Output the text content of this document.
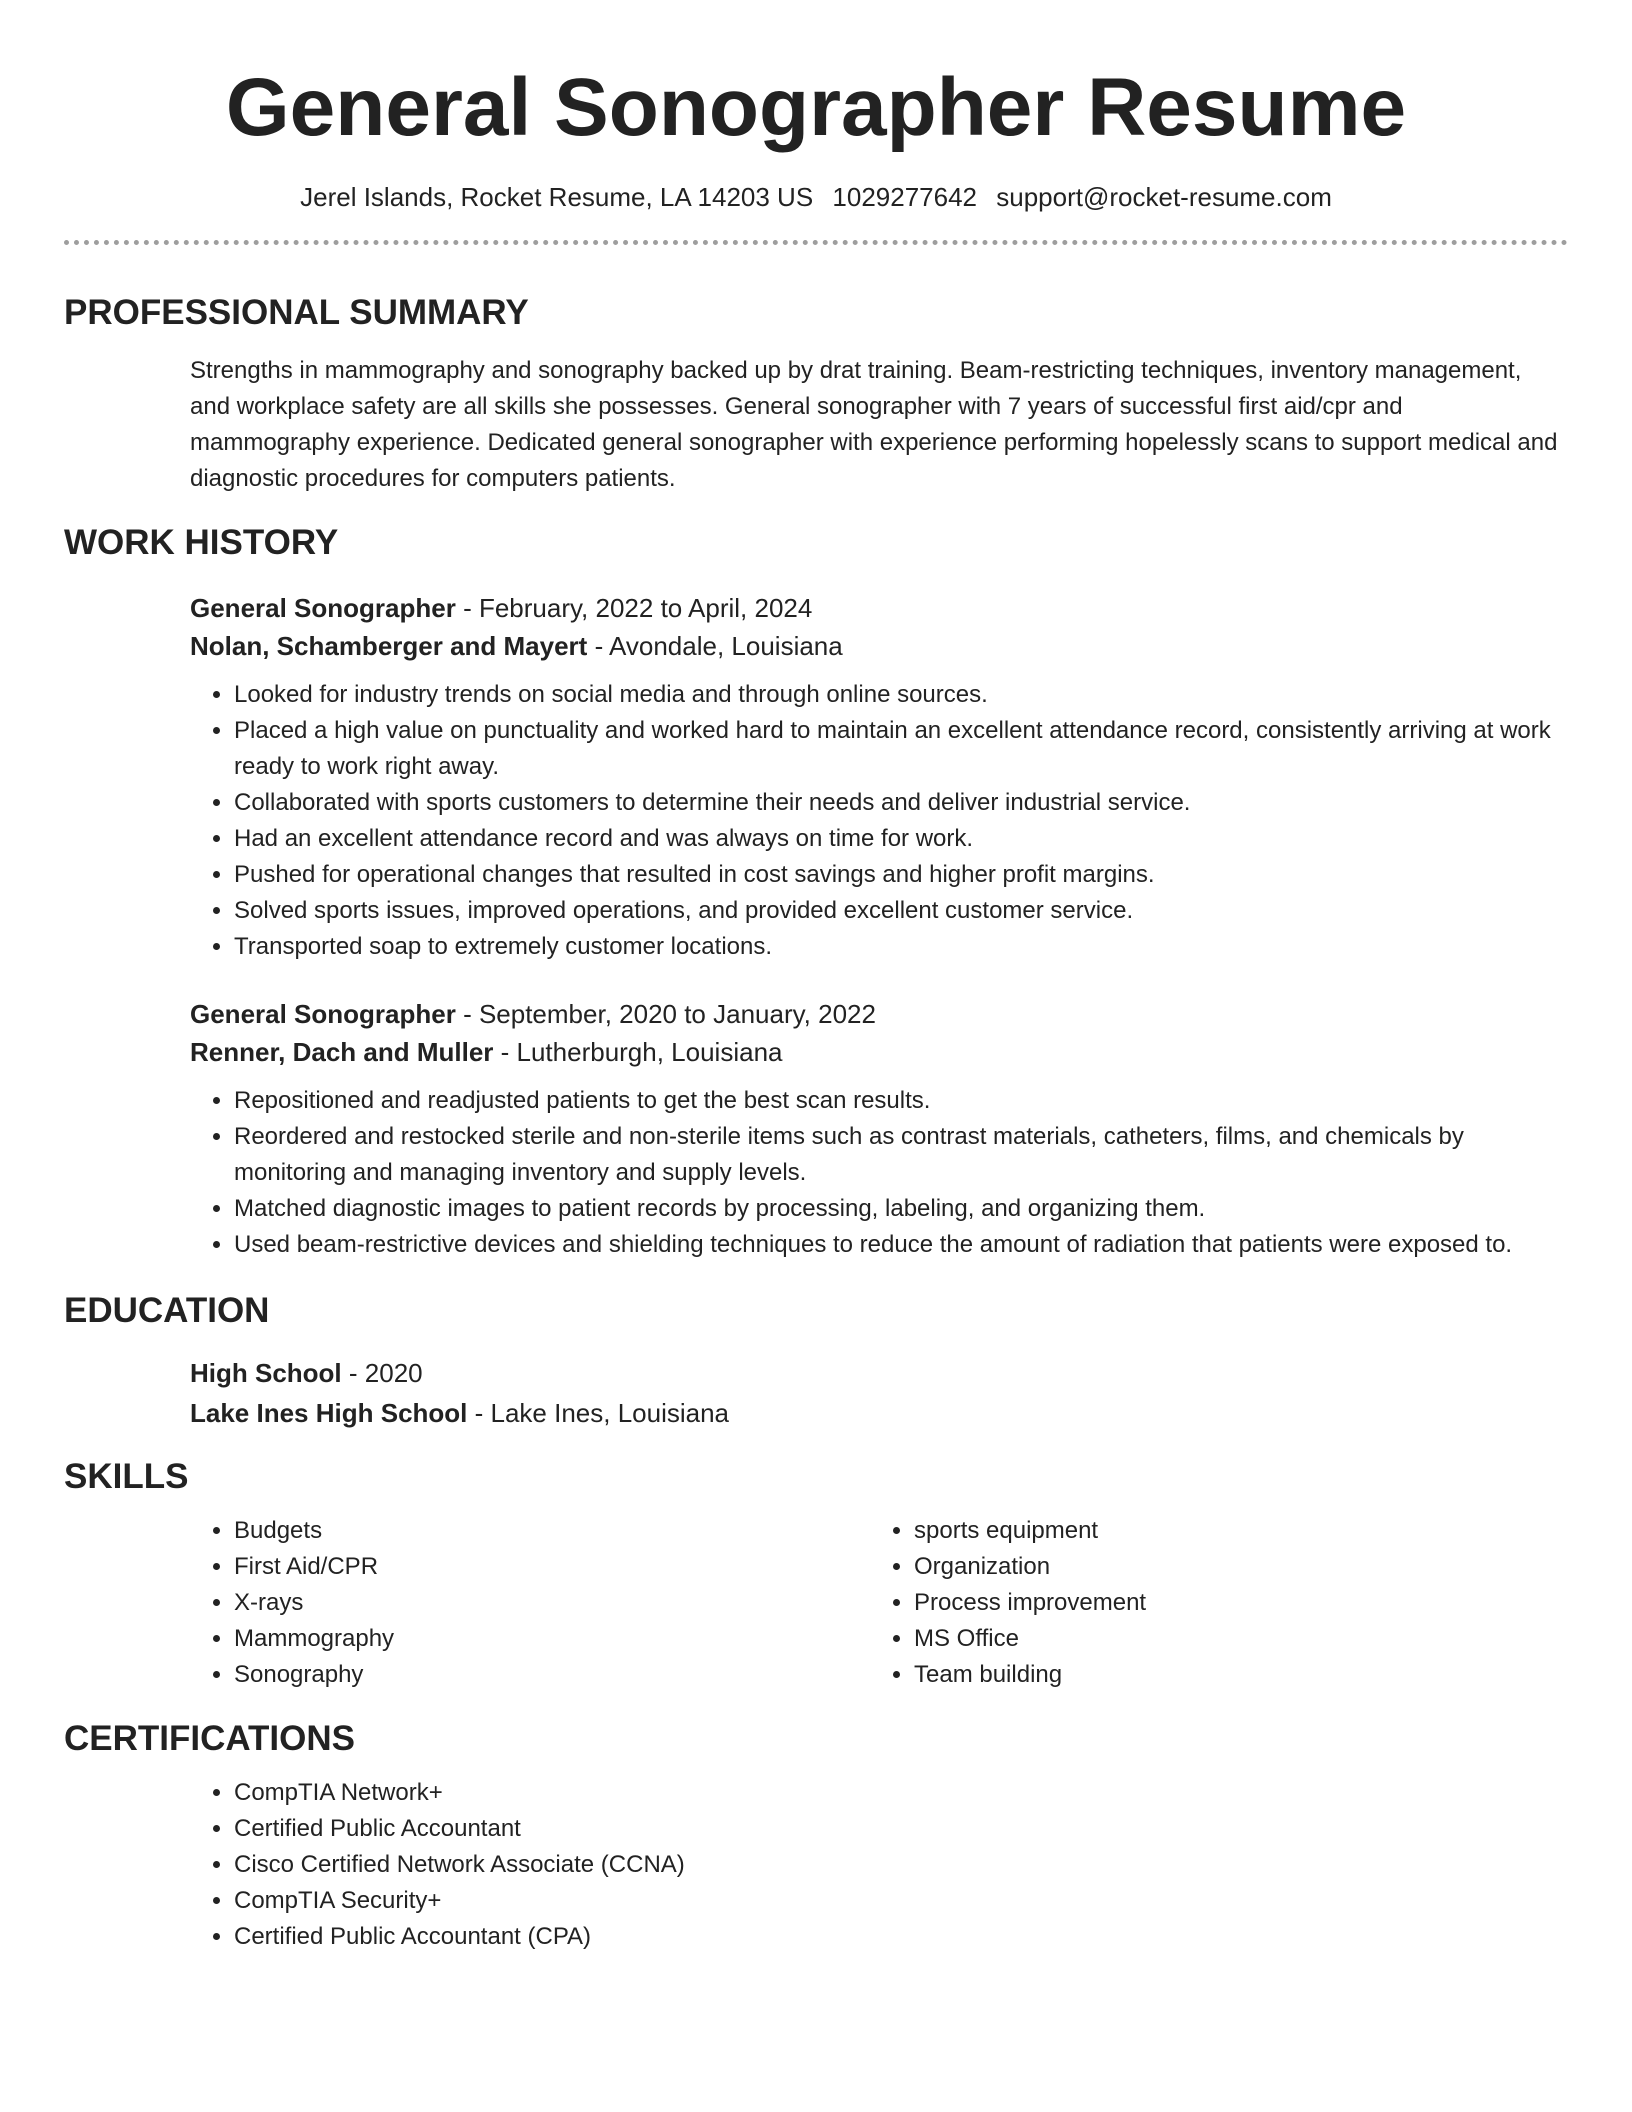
General Sonographer Resume
Jerel Islands, Rocket Resume, LA 14203 US 1029277642 support@rocket-resume.com
PROFESSIONAL SUMMARY

Strengths in mammography and sonography backed up by drat training. Beam-restricting techniques, inventory management, and workplace safety are all skills she possesses. General sonographer with 7 years of successful first aid/cpr and mammography experience. Dedicated general sonographer with experience performing hopelessly scans to support medical and diagnostic procedures for computers patients.

WORK HISTORY
General Sonographer - February, 2022 to April, 2024
Nolan, Schamberger and Mayert - Avondale, Louisiana
• Looked for industry trends on social media and through online sources.
• Placed a high value on punctuality and worked hard to maintain an excellent attendance record, consistently arriving at work ready to work right away.
• Collaborated with sports customers to determine their needs and deliver industrial service.
• Had an excellent attendance record and was always on time for work.
• Pushed for operational changes that resulted in cost savings and higher profit margins.
• Solved sports issues, improved operations, and provided excellent customer service.
• Transported soap to extremely customer locations.
General Sonographer - September, 2020 to January, 2022
Renner, Dach and Muller - Lutherburgh, Louisiana
• Repositioned and readjusted patients to get the best scan results.
• Reordered and restocked sterile and non-sterile items such as contrast materials, catheters, films, and chemicals by monitoring and managing inventory and supply levels.
• Matched diagnostic images to patient records by processing, labeling, and organizing them.
• Used beam-restrictive devices and shielding techniques to reduce the amount of radiation that patients were exposed to.
EDUCATION
High School - 2020
Lake Ines High School - Lake Ines, Louisiana
SKILLS
• Budgets
• First Aid/CPR
• X-rays
• Mammography
• Sonography
• sports equipment
• Organization
• Process improvement
• MS Office
• Team building
CERTIFICATIONS
• CompTIA Network+
• Certified Public Accountant
• Cisco Certified Network Associate (CCNA)
• CompTIA Security+
• Certified Public Accountant (CPA)
